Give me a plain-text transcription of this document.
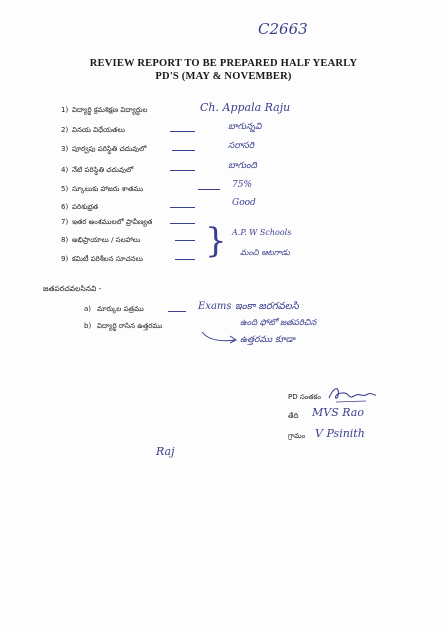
C2663
REVIEW REPORT TO BE PREPARED HALF YEARLY
PD'S (MAY & NOVEMBER)
1) విద్యార్థి క్రమశిక్షణ విద్యార్థుల	Ch. Appala Raju
2) వినయ విధేయతలు	బాగున్నవి
3) పూర్వపు పరిస్థితి చదువులో	సరాసరి
4) నేటి పరిస్థితి చదువులో	బాగుంది
5) స్కూలుకు హాజరు శాతము	75%
6) పరిశుభ్రత	Good
7) ఇతర అంశములలో ప్రావీణ్యత
8) అభిప్రాయాలు / సలహాలు
9) కమిటీ పరిశీలన సూచనలు } A.P. W Schools
మంచి ఆటగాడు
జతపరచవలసినవి -
a) మార్కుల పత్రము	Exams ఇంకా జరగవలసి
b) విద్యార్థి రాసిన ఉత్తరము	ఉంది ఫోటో జతపరిచిన
ఉత్తరము కూడా
PD సంతకం
తేది MVS Rao
గ్రామం V Psinith
Raj
